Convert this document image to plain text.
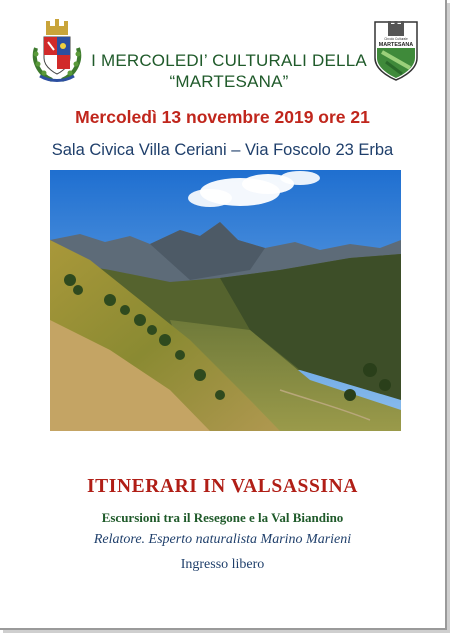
Circolo Culturale
MARTESANA
I MERCOLEDI’ CULTURALI DELLA
“MARTESANA”
Mercoledì 13 novembre 2019 ore 21
Sala Civica Villa Ceriani – Via Foscolo 23 Erba
ITINERARI IN VALSASSINA
Escursioni tra il Resegone e la Val Biandino
Relatore. Esperto naturalista Marino Marieni
Ingresso libero
